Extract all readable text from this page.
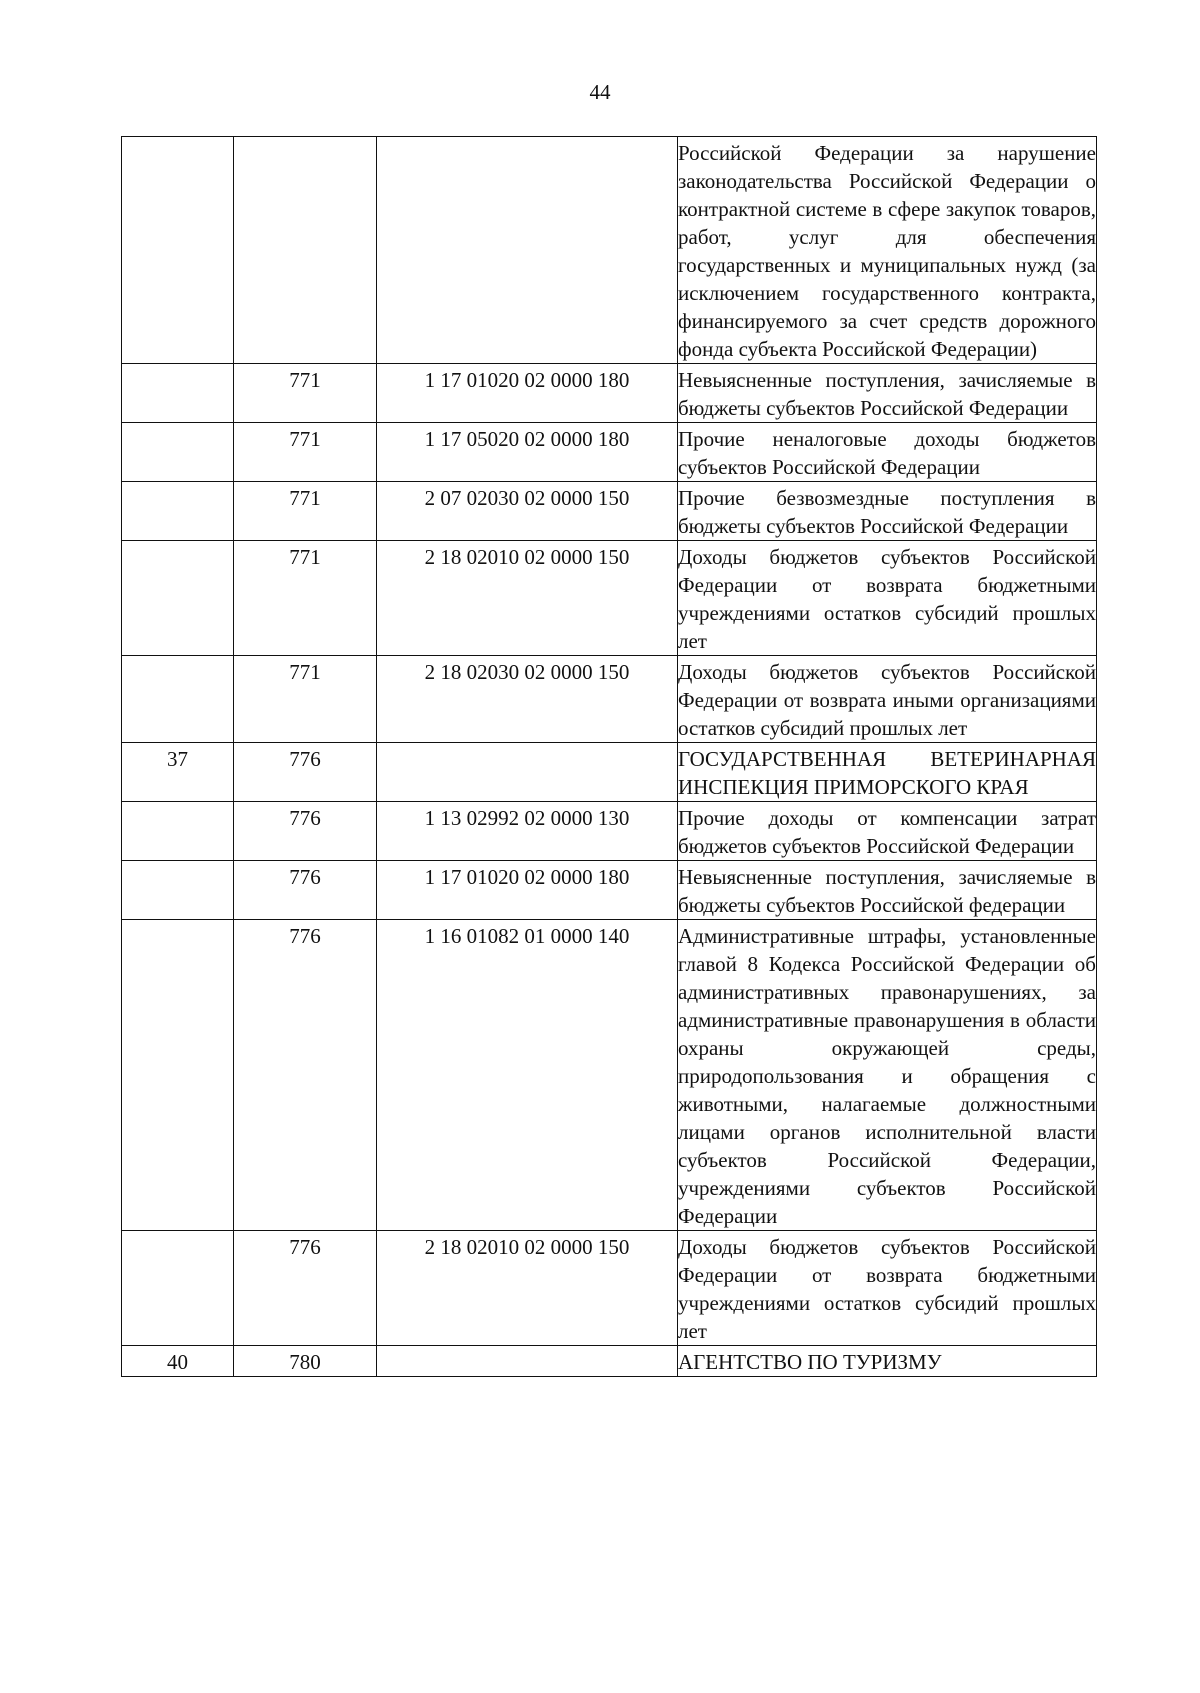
44
			Российской Федерации за нарушение законодательства Российской Федерации о контрактной системе в сфере закупок товаров, работ, услуг для обеспечения государственных и муниципальных нужд (за исключением государственного контракта, финансируемого за счет средств дорожного фонда субъекта Российской Федерации)
	771	1 17 01020 02 0000 180	Невыясненные поступления, зачисляемые в бюджеты субъектов Российской Федерации
	771	1 17 05020 02 0000 180	Прочие неналоговые доходы бюджетов субъектов Российской Федерации
	771	2 07 02030 02 0000 150	Прочие безвозмездные поступления в бюджеты субъектов Российской Федерации
	771	2 18 02010 02 0000 150	Доходы бюджетов субъектов Российской Федерации от возврата бюджетными учреждениями остатков субсидий прошлых лет
	771	2 18 02030 02 0000 150	Доходы бюджетов субъектов Российской Федерации от возврата иными организациями остатков субсидий прошлых лет
37	776		ГОСУДАРСТВЕННАЯ ВЕТЕРИНАРНАЯ ИНСПЕКЦИЯ ПРИМОРСКОГО КРАЯ
	776	1 13 02992 02 0000 130	Прочие доходы от компенсации затрат бюджетов субъектов Российской Федерации
	776	1 17 01020 02 0000 180	Невыясненные поступления, зачисляемые в бюджеты субъектов Российской федерации
	776	1 16 01082 01 0000 140	Административные штрафы, установленные главой 8 Кодекса Российской Федерации об административных правонарушениях, за административные правонарушения в области охраны окружающей среды, природопользования и обращения с животными, налагаемые должностными лицами органов исполнительной власти субъектов Российской Федерации, учреждениями субъектов Российской Федерации
	776	2 18 02010 02 0000 150	Доходы бюджетов субъектов Российской Федерации от возврата бюджетными учреждениями остатков субсидий прошлых лет
40	780		АГЕНТСТВО ПО ТУРИЗМУ
